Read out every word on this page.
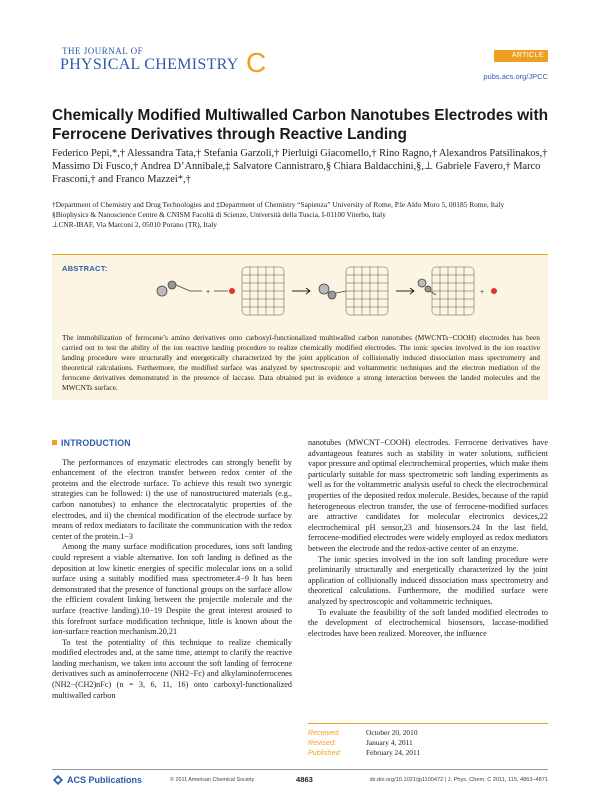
THE JOURNAL OF
PHYSICAL CHEMISTRY C	ARTICLE
pubs.acs.org/JPCC
Chemically Modified Multiwalled Carbon Nanotubes Electrodes with Ferrocene Derivatives through Reactive Landing
Federico Pepi,*,† Alessandra Tata,† Stefania Garzoli,† Pierluigi Giacomello,† Rino Ragno,† Alexandros Patsilinakos,† Massimo Di Fusco,† Andrea D’Annibale,‡ Salvatore Cannistraro,§ Chiara Baldacchini,§,⊥ Gabriele Favero,† Marco Frasconi,† and Franco Mazzei*,†
†Department of Chemistry and Drug Technologies and ‡Department of Chemistry “Sapienza” University of Rome, P.le Aldo Moro 5, 00185 Rome, Italy
§Biophysics & Nanoscience Centre & CNISM Facoltà di Scienze, Università della Tuscia, I-01100 Viterbo, Italy
⊥CNR-IBAF, Via Marconi 2, 05010 Porano (TR), Italy
ABSTRACT:
+	+
The immobilization of ferrocene’s amino derivatives onto carboxyl-functionalized multiwalled carbon nanotubes (MWCNTs−COOH) electrodes has been carried out to test the ability of the ion reactive landing procedure to realize chemically modified electrodes. The ionic species involved in the ion reactive landing procedure were structurally and energetically characterized by the joint application of collisionally induced dissociation mass spectrometry and theoretical calculations. Furthermore, the modified surface was analyzed by spectroscopic and voltammetric techniques and the electron mediation of the ferrocene derivatives demonstrated in the presence of laccase. Data obtained put in evidence a strong interaction between the landed molecules and the MWCNTs surface.
INTRODUCTION

The performances of enzymatic electrodes can strongly benefit by enhancement of the electron transfer between redox center of the proteins and the electrode surface. To achieve this result two synergic strategies can be followed: i) the use of nanostructured materials (e.g., carbon nanotubes) to enhance the electrocatalytic properties of the electrodes, and ii) the chemical modification of the electrode surface by means of redox mediators to facilitate the communication with the redox center of the protein.1−3

Among the many surface modification procedures, ions soft landing could represent a viable alternative. Ion soft landing is defined as the deposition at low kinetic energies of specific molecular ions on a solid surface using a suitably modified mass spectrometer.4−9 It has been demonstrated that the presence of functional groups on the surface allow the efficient covalent linking between the projectile molecule and the surface (reactive landing).10−19 Despite the great interest aroused to this forefront surface modification technique, little is known about the ion-surface reaction mechanism.20,21

To test the potentiality of this technique to realize chemically modified electrodes and, at the same time, attempt to clarify the reactive landing mechanism, we taken into account the soft landing of ferrocene derivatives such as aminoferrocene (NH2−Fc) and alkylaminoferrocenes (NH2−(CH2)nFc) (n = 3, 6, 11, 16) onto carboxyl-functionalized multiwalled carbon

nanotubes (MWCNT−COOH) electrodes. Ferrocene derivatives have advantageous features such as stability in water solutions, sufficient vapor pressure and optimal electrochemical properties, which make them particularly suitable for mass spectrometric soft landing experiments as well as for the voltammetric analysis useful to check the electrochemical properties of the deposited redox molecule. Besides, because of the rapid heterogeneous electron transfer, the use of ferrocene-modified surfaces are attractive candidates for molecular electronics devices,22 electrochemical pH sensor,23 and biosensors.24 In the last field, ferrocene-modified electrodes were widely employed as redox mediators between the electrode and the redox-active center of an enzyme.

The ionic species involved in the ion soft landing procedure were preliminarily structurally and energetically characterized by the joint application of collisionally induced dissociation mass spectrometry and theoretical calculations. Furthermore, the modified surface were analyzed by spectroscopic and voltammetric techniques.

To evaluate the feasibility of the soft landed modified electrodes to the development of electrochemical biosensors, laccase-modified electrodes have been realized. Moreover, the influence

Received:	October 20, 2010
Revised:	January 4, 2011
Published:	February 24, 2011
ACS Publications	© 2011 American Chemical Society	4863	dx.doi.org/10.1021/jp1100472 | J. Phys. Chem. C 2011, 115, 4863–4871
